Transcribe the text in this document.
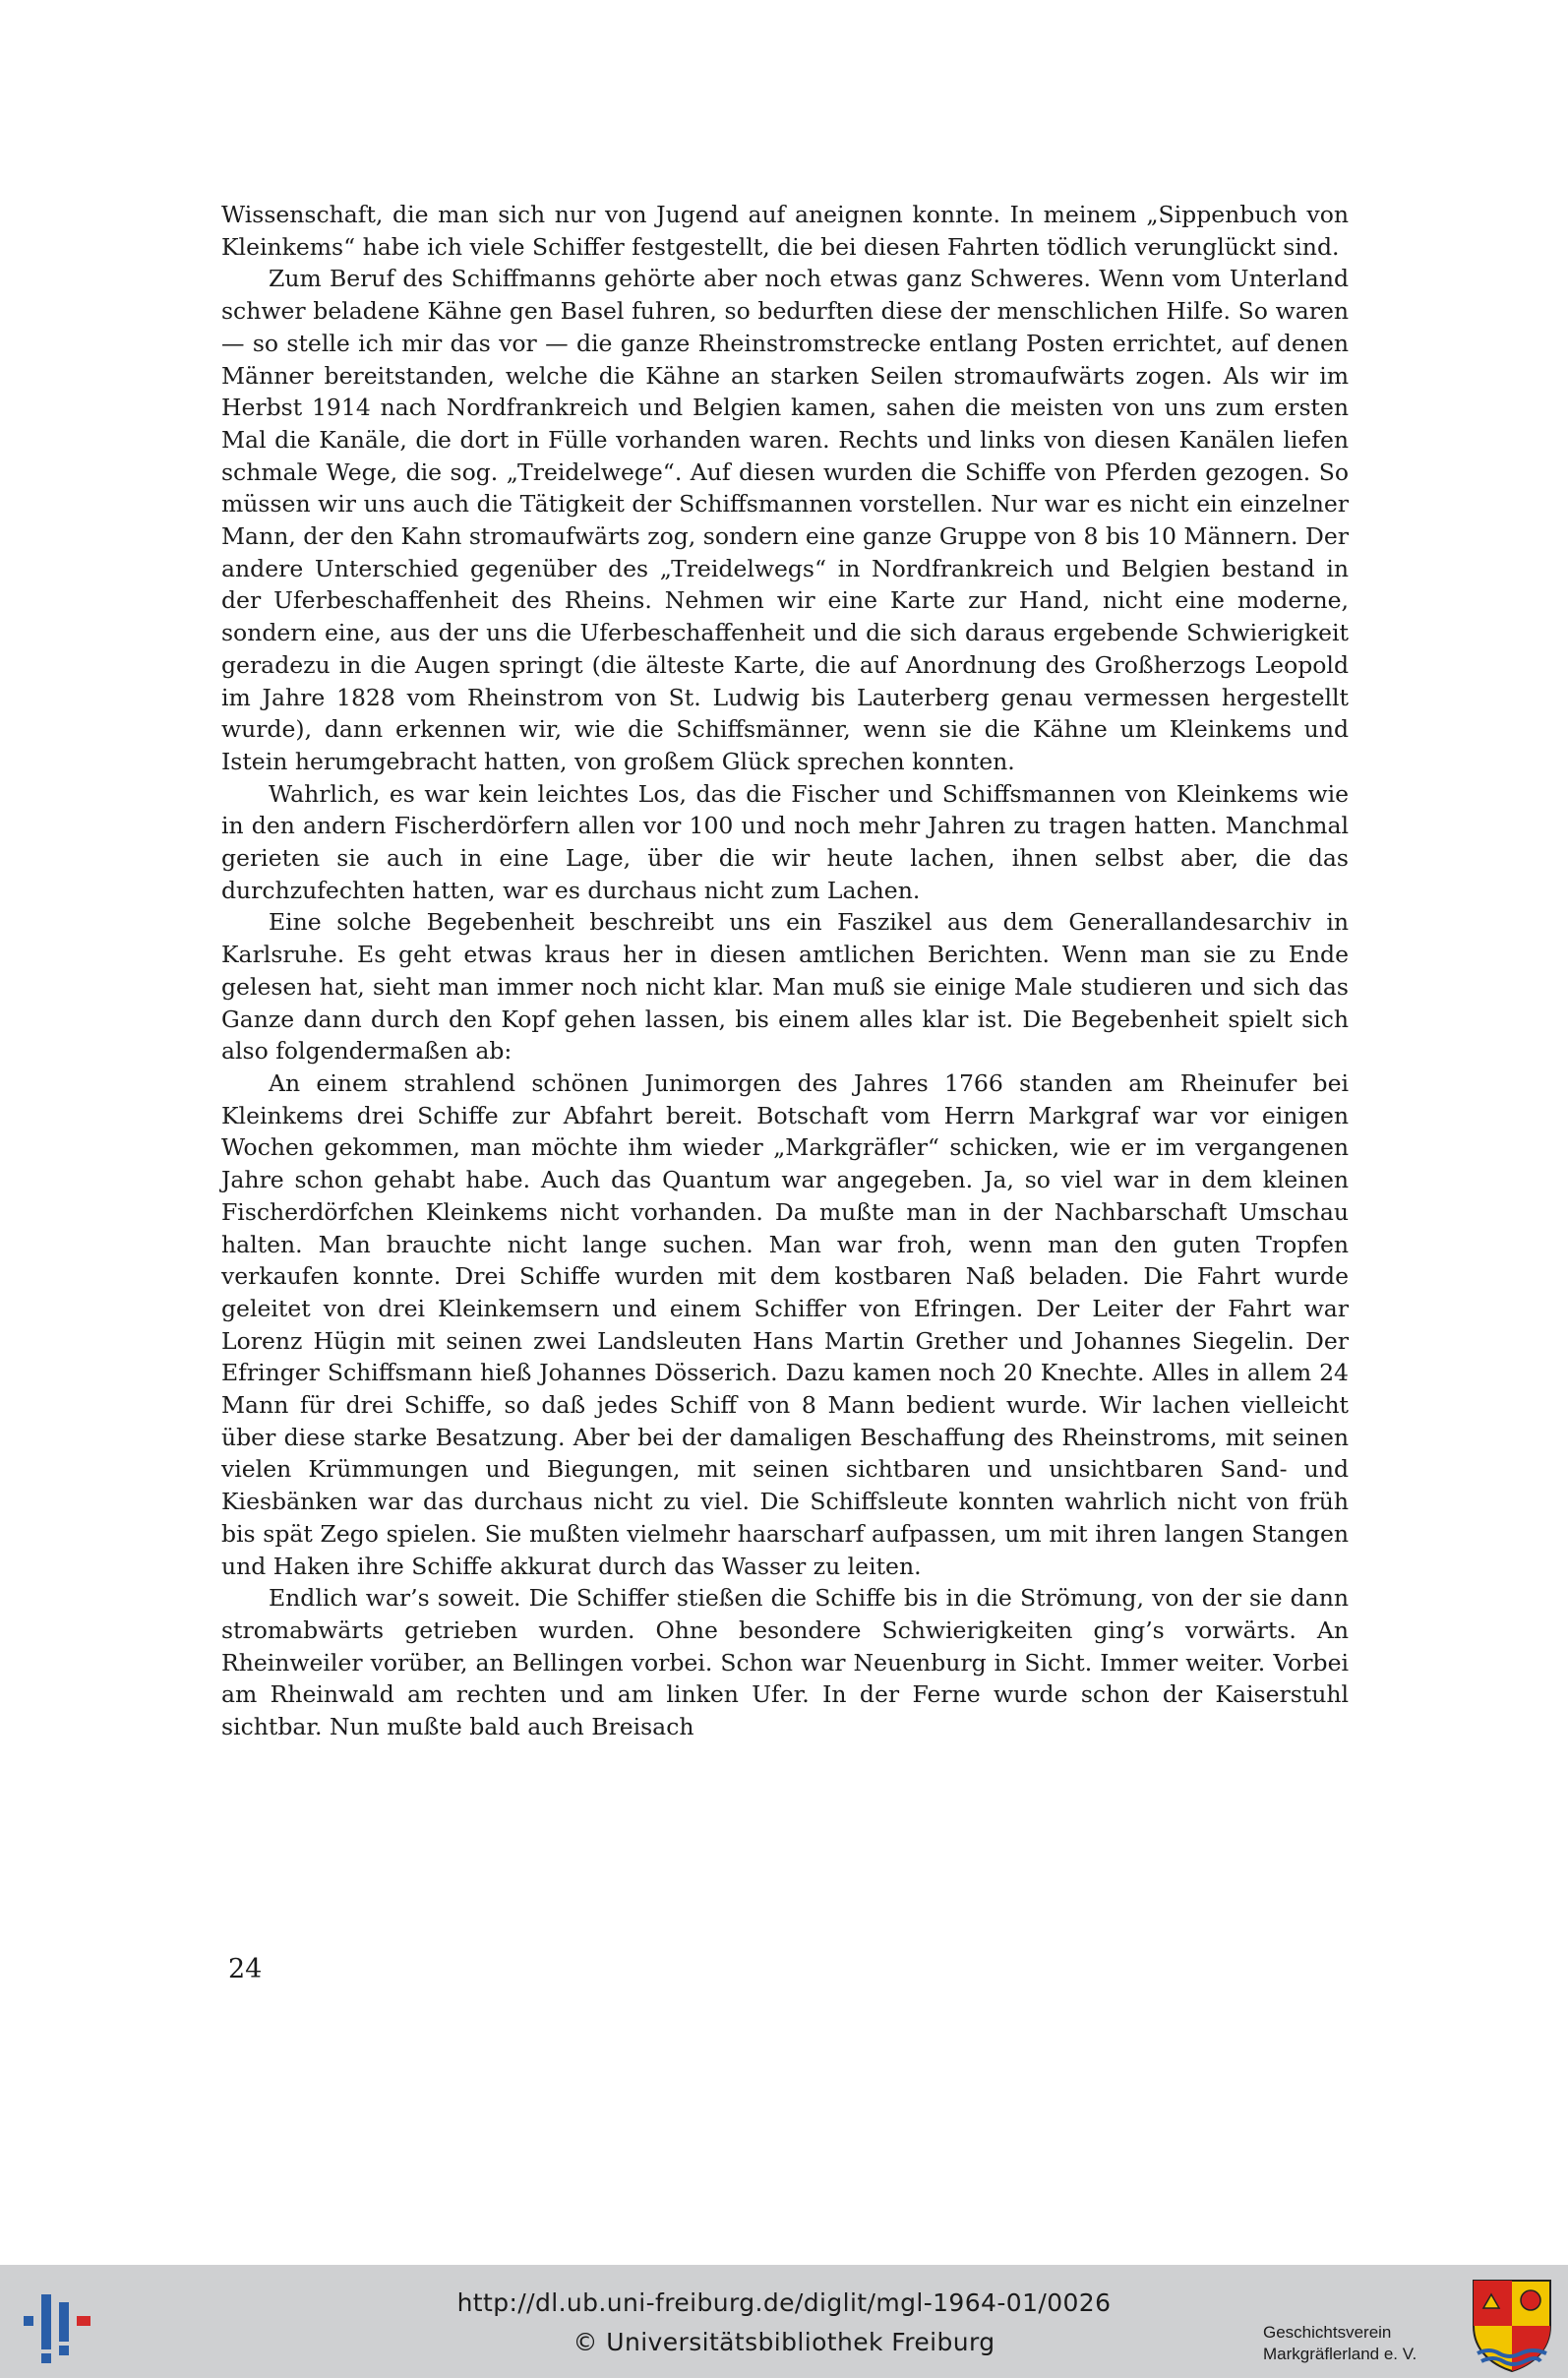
Wissenschaft, die man sich nur von Jugend auf aneignen konnte. In meinem „Sippenbuch von Kleinkems“ habe ich viele Schiffer festgestellt, die bei diesen Fahrten tödlich verunglückt sind.

Zum Beruf des Schiffmanns gehörte aber noch etwas ganz Schweres. Wenn vom Unterland schwer beladene Kähne gen Basel fuhren, so bedurften diese der menschlichen Hilfe. So waren — so stelle ich mir das vor — die ganze Rheinstromstrecke entlang Posten errichtet, auf denen Männer bereitstanden, welche die Kähne an starken Seilen stromaufwärts zogen. Als wir im Herbst 1914 nach Nordfrankreich und Belgien kamen, sahen die meisten von uns zum ersten Mal die Kanäle, die dort in Fülle vorhanden waren. Rechts und links von diesen Kanälen liefen schmale Wege, die sog. „Treidelwege“. Auf diesen wurden die Schiffe von Pferden gezogen. So müssen wir uns auch die Tätigkeit der Schiffsmannen vorstellen. Nur war es nicht ein einzelner Mann, der den Kahn stromaufwärts zog, sondern eine ganze Gruppe von 8 bis 10 Männern. Der andere Unterschied gegenüber des „Treidelwegs“ in Nordfrankreich und Belgien bestand in der Uferbeschaffenheit des Rheins. Nehmen wir eine Karte zur Hand, nicht eine moderne, sondern eine, aus der uns die Uferbeschaffenheit und die sich daraus ergebende Schwierigkeit geradezu in die Augen springt (die älteste Karte, die auf Anordnung des Großherzogs Leopold im Jahre 1828 vom Rheinstrom von St. Ludwig bis Lauterberg genau vermessen hergestellt wurde), dann erkennen wir, wie die Schiffsmänner, wenn sie die Kähne um Kleinkems und Istein herumgebracht hatten, von großem Glück sprechen konnten.

Wahrlich, es war kein leichtes Los, das die Fischer und Schiffsmannen von Kleinkems wie in den andern Fischerdörfern allen vor 100 und noch mehr Jahren zu tragen hatten. Manchmal gerieten sie auch in eine Lage, über die wir heute lachen, ihnen selbst aber, die das durchzufechten hatten, war es durchaus nicht zum Lachen.

Eine solche Begebenheit beschreibt uns ein Faszikel aus dem Generallandesarchiv in Karlsruhe. Es geht etwas kraus her in diesen amtlichen Berichten. Wenn man sie zu Ende gelesen hat, sieht man immer noch nicht klar. Man muß sie einige Male studieren und sich das Ganze dann durch den Kopf gehen lassen, bis einem alles klar ist. Die Begebenheit spielt sich also folgendermaßen ab:

An einem strahlend schönen Junimorgen des Jahres 1766 standen am Rheinufer bei Kleinkems drei Schiffe zur Abfahrt bereit. Botschaft vom Herrn Markgraf war vor einigen Wochen gekommen, man möchte ihm wieder „Markgräfler“ schicken, wie er im vergangenen Jahre schon gehabt habe. Auch das Quantum war angegeben. Ja, so viel war in dem kleinen Fischerdörfchen Kleinkems nicht vorhanden. Da mußte man in der Nachbarschaft Umschau halten. Man brauchte nicht lange suchen. Man war froh, wenn man den guten Tropfen verkaufen konnte. Drei Schiffe wurden mit dem kostbaren Naß beladen. Die Fahrt wurde geleitet von drei Kleinkemsern und einem Schiffer von Efringen. Der Leiter der Fahrt war Lorenz Hügin mit seinen zwei Landsleuten Hans Martin Grether und Johannes Siegelin. Der Efringer Schiffsmann hieß Johannes Dösserich. Dazu kamen noch 20 Knechte. Alles in allem 24 Mann für drei Schiffe, so daß jedes Schiff von 8 Mann bedient wurde. Wir lachen vielleicht über diese starke Besatzung. Aber bei der damaligen Beschaffung des Rheinstroms, mit seinen vielen Krümmungen und Biegungen, mit seinen sichtbaren und unsichtbaren Sand- und Kiesbänken war das durchaus nicht zu viel. Die Schiffsleute konnten wahrlich nicht von früh bis spät Zego spielen. Sie mußten vielmehr haarscharf aufpassen, um mit ihren langen Stangen und Haken ihre Schiffe akkurat durch das Wasser zu leiten.

Endlich war’s soweit. Die Schiffer stießen die Schiffe bis in die Strömung, von der sie dann stromabwärts getrieben wurden. Ohne besondere Schwierigkeiten ging’s vorwärts. An Rheinweiler vorüber, an Bellingen vorbei. Schon war Neuenburg in Sicht. Immer weiter. Vorbei am Rheinwald am rechten und am linken Ufer. In der Ferne wurde schon der Kaiserstuhl sichtbar. Nun mußte bald auch Breisach

24
http://dl.ub.uni-freiburg.de/diglit/mgl-1964-01/0026
© Universitätsbibliothek Freiburg	Geschichtsverein
Markgräflerland e. V.
